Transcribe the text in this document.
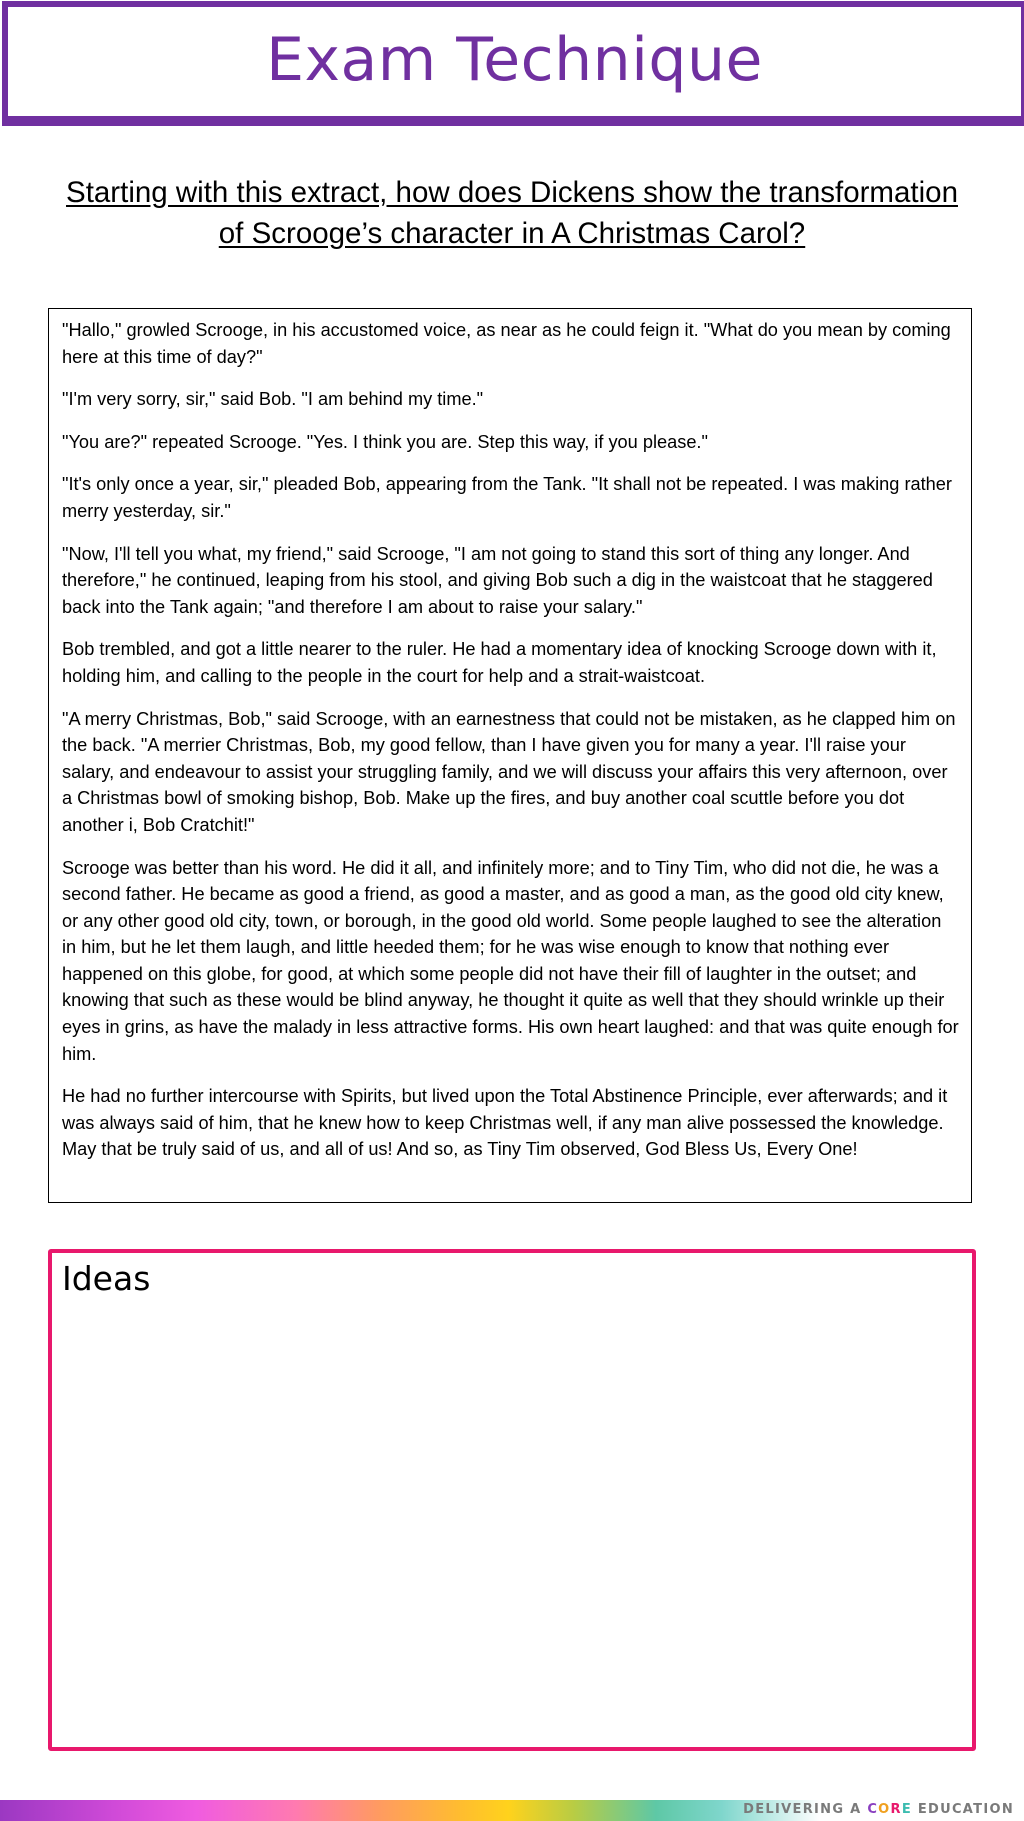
Exam Technique
Starting with this extract, how does Dickens show the transformation of Scrooge’s character in A Christmas Carol?

"Hallo," growled Scrooge, in his accustomed voice, as near as he could feign it. "What do you mean by coming here at this time of day?"

"I'm very sorry, sir," said Bob. "I am behind my time."

"You are?" repeated Scrooge. "Yes. I think you are. Step this way, if you please."

"It's only once a year, sir," pleaded Bob, appearing from the Tank. "It shall not be repeated. I was making rather merry yesterday, sir."

"Now, I'll tell you what, my friend," said Scrooge, "I am not going to stand this sort of thing any longer. And therefore," he continued, leaping from his stool, and giving Bob such a dig in the waistcoat that he staggered back into the Tank again; "and therefore I am about to raise your salary."

Bob trembled, and got a little nearer to the ruler. He had a momentary idea of knocking Scrooge down with it, holding him, and calling to the people in the court for help and a strait-waistcoat.

"A merry Christmas, Bob," said Scrooge, with an earnestness that could not be mistaken, as he clapped him on the back. "A merrier Christmas, Bob, my good fellow, than I have given you for many a year. I'll raise your salary, and endeavour to assist your struggling family, and we will discuss your affairs this very afternoon, over a Christmas bowl of smoking bishop, Bob. Make up the fires, and buy another coal scuttle before you dot another i, Bob Cratchit!"

Scrooge was better than his word. He did it all, and infinitely more; and to Tiny Tim, who did not die, he was a second father. He became as good a friend, as good a master, and as good a man, as the good old city knew, or any other good old city, town, or borough, in the good old world. Some people laughed to see the alteration in him, but he let them laugh, and little heeded them; for he was wise enough to know that nothing ever happened on this globe, for good, at which some people did not have their fill of laughter in the outset; and knowing that such as these would be blind anyway, he thought it quite as well that they should wrinkle up their eyes in grins, as have the malady in less attractive forms. His own heart laughed: and that was quite enough for him.

He had no further intercourse with Spirits, but lived upon the Total Abstinence Principle, ever afterwards; and it was always said of him, that he knew how to keep Christmas well, if any man alive possessed the knowledge. May that be truly said of us, and all of us! And so, as Tiny Tim observed, God Bless Us, Every One!

Ideas
DELIVERING A CORE EDUCATION
